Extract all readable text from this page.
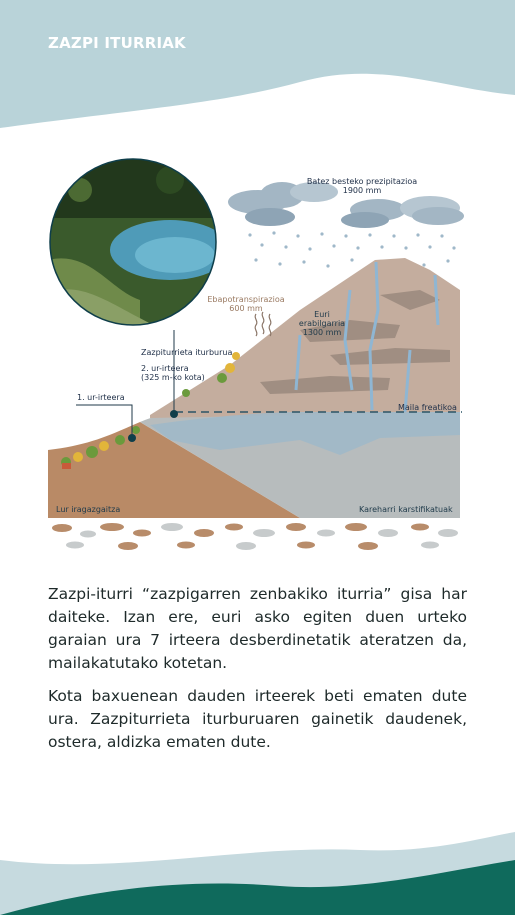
ZAZPI ITURRIAK
Batez besteko prezipitazioa
1900 mm
Ebapotranspirazioa
600 mm
Euri
erabilgarria
1300 mm
Zazpiturrieta iturburua
2. ur-irteera
(325 m-ko kota)
1. ur-irteera
Maila freatikoa
Lur iragazgaitza	Kareharri karstifikatuak

Zazpi-iturri “zazpigarren zenbakiko iturria” gisa har daiteke. Izan ere, euri asko egiten duen urteko garaian ura 7 irteera desberdinetatik ateratzen da, mailakatutako kotetan.

Kota baxuenean dauden irteerek beti ematen dute ura. Zazpiturrieta iturburuaren gainetik daudenek, ostera, aldizka ematen dute.
